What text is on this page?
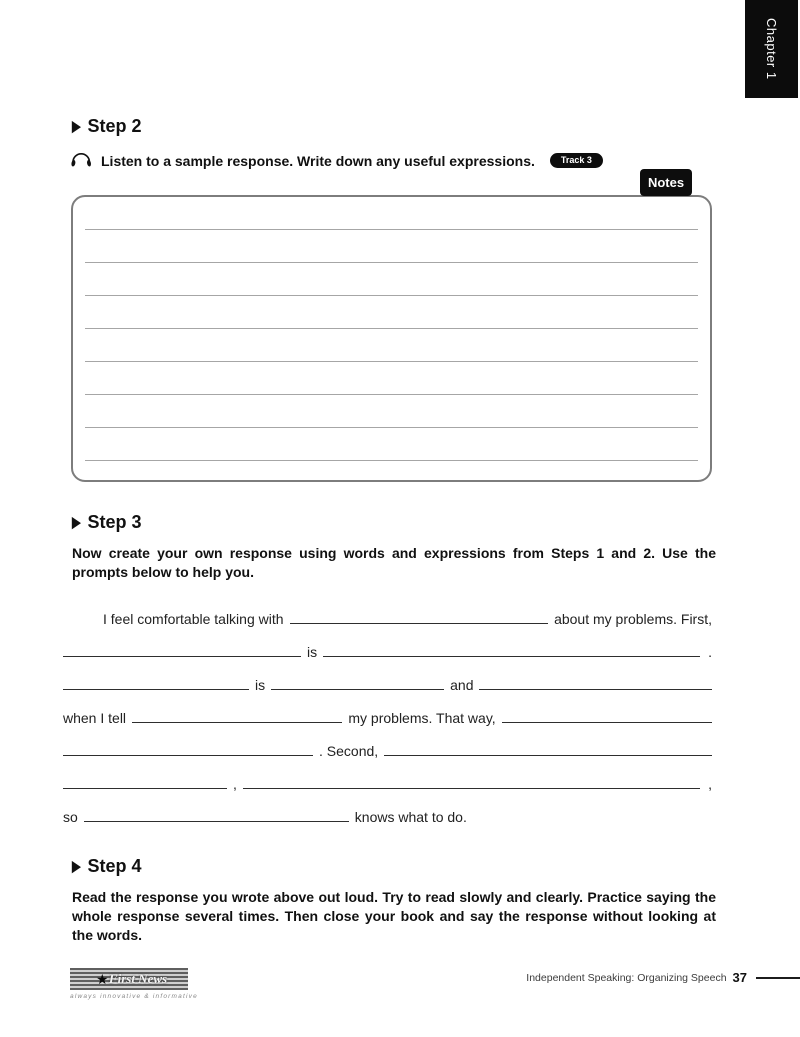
Chapter 1
▶ Step 2
Listen to a sample response. Write down any useful expressions.	Track 3
Notes
▶ Step 3
Now create your own response using words and expressions from Steps 1 and 2. Use the prompts below to help you.
I feel comfortable talking with	about my problems. First,
is	.
is	and
when I tell	my problems. That way,
. Second,
,	,
so	knows what to do.
▶ Step 4
Read the response you wrote above out loud. Try to read slowly and clearly. Practice saying the whole response several times. Then close your book and say the response without looking at the words.
★ First News
always innovative & informative
Independent Speaking: Organizing Speech 37
